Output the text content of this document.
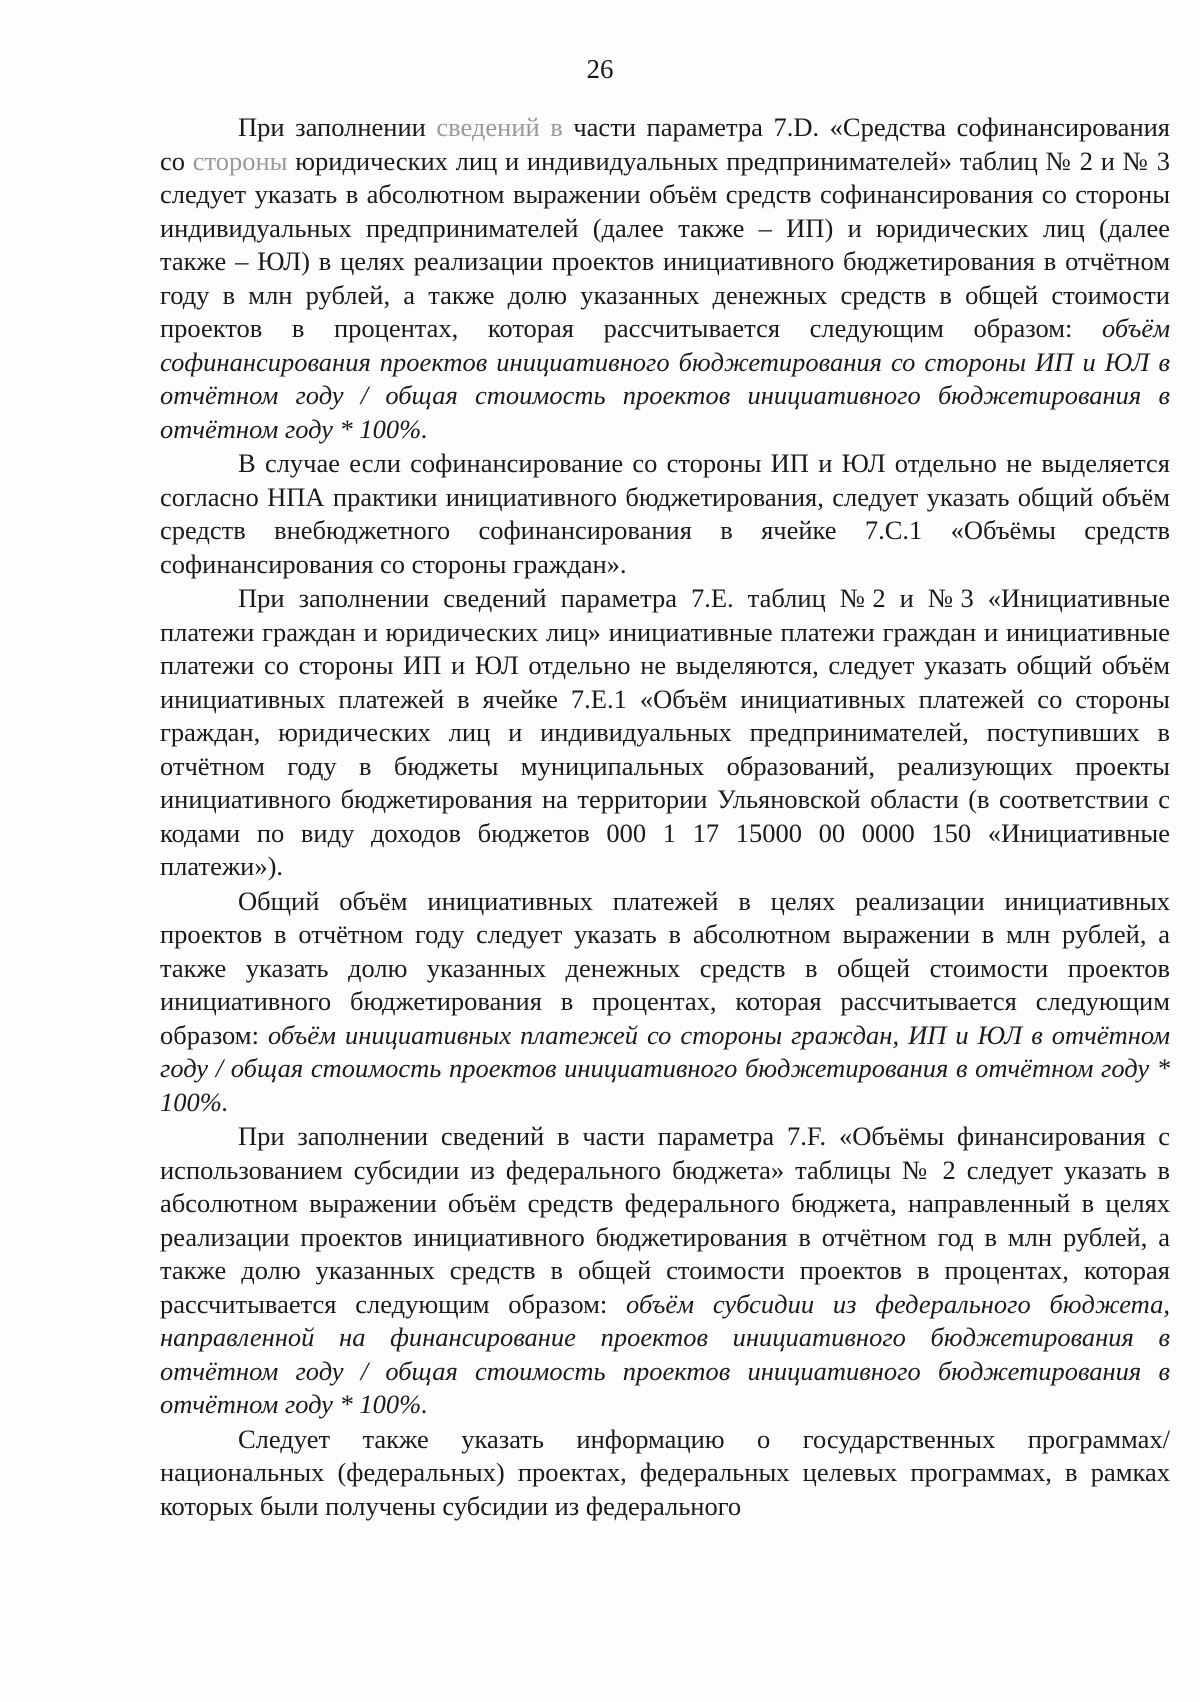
26

При заполнении сведений в части параметра 7.D. «Средства софинансирования со стороны юридических лиц и индивидуальных предпринимателей» таблиц № 2 и № 3 следует указать в абсолютном выражении объём средств софинансирования со стороны индивидуальных предпринимателей (далее также – ИП) и юридических лиц (далее также – ЮЛ) в целях реализации проектов инициативного бюджетирования в отчётном году в млн рублей, а также долю указанных денежных средств в общей стоимости проектов в процентах, которая рассчитывается следующим образом: объём софинансирования проектов инициативного бюджетирования со стороны ИП и ЮЛ в отчётном году / общая стоимость проектов инициативного бюджетирования в отчётном году * 100%.

В случае если софинансирование со стороны ИП и ЮЛ отдельно не выделяется согласно НПА практики инициативного бюджетирования, следует указать общий объём средств внебюджетного софинансирования в ячейке 7.C.1 «Объёмы средств софинансирования со стороны граждан».

При заполнении сведений параметра 7.Е. таблиц №2 и №3 «Инициативные платежи граждан и юридических лиц» инициативные платежи граждан и инициативные платежи со стороны ИП и ЮЛ отдельно не выделяются, следует указать общий объём инициативных платежей в ячейке 7.Е.1 «Объём инициативных платежей со стороны граждан, юридических лиц и индивидуальных предпринимателей, поступивших в отчётном году в бюджеты муниципальных образований, реализующих проекты инициативного бюджетирования на территории Ульяновской области (в соответствии с кодами по виду доходов бюджетов 000 1 17 15000 00 0000 150 «Инициативные платежи»).

Общий объём инициативных платежей в целях реализации инициативных проектов в отчётном году следует указать в абсолютном выражении в млн рублей, а также указать долю указанных денежных средств в общей стоимости проектов инициативного бюджетирования в процентах, которая рассчитывается следующим образом: объём инициативных платежей со стороны граждан, ИП и ЮЛ в отчётном году / общая стоимость проектов инициативного бюджетирования в отчётном году * 100%.

При заполнении сведений в части параметра 7.F. «Объёмы финансирования с использованием субсидии из федерального бюджета» таблицы № 2 следует указать в абсолютном выражении объём средств федерального бюджета, направленный в целях реализации проектов инициативного бюджетирования в отчётном год в млн рублей, а также долю указанных средств в общей стоимости проектов в процентах, которая рассчитывается следующим образом: объём субсидии из федерального бюджета, направленной на финансирование проектов инициативного бюджетирования в отчётном году / общая стоимость проектов инициативного бюджетирования в отчётном году * 100%.

Следует также указать информацию о государственных программах/национальных (федеральных) проектах, федеральных целевых программах, в рамках которых были получены субсидии из федерального
